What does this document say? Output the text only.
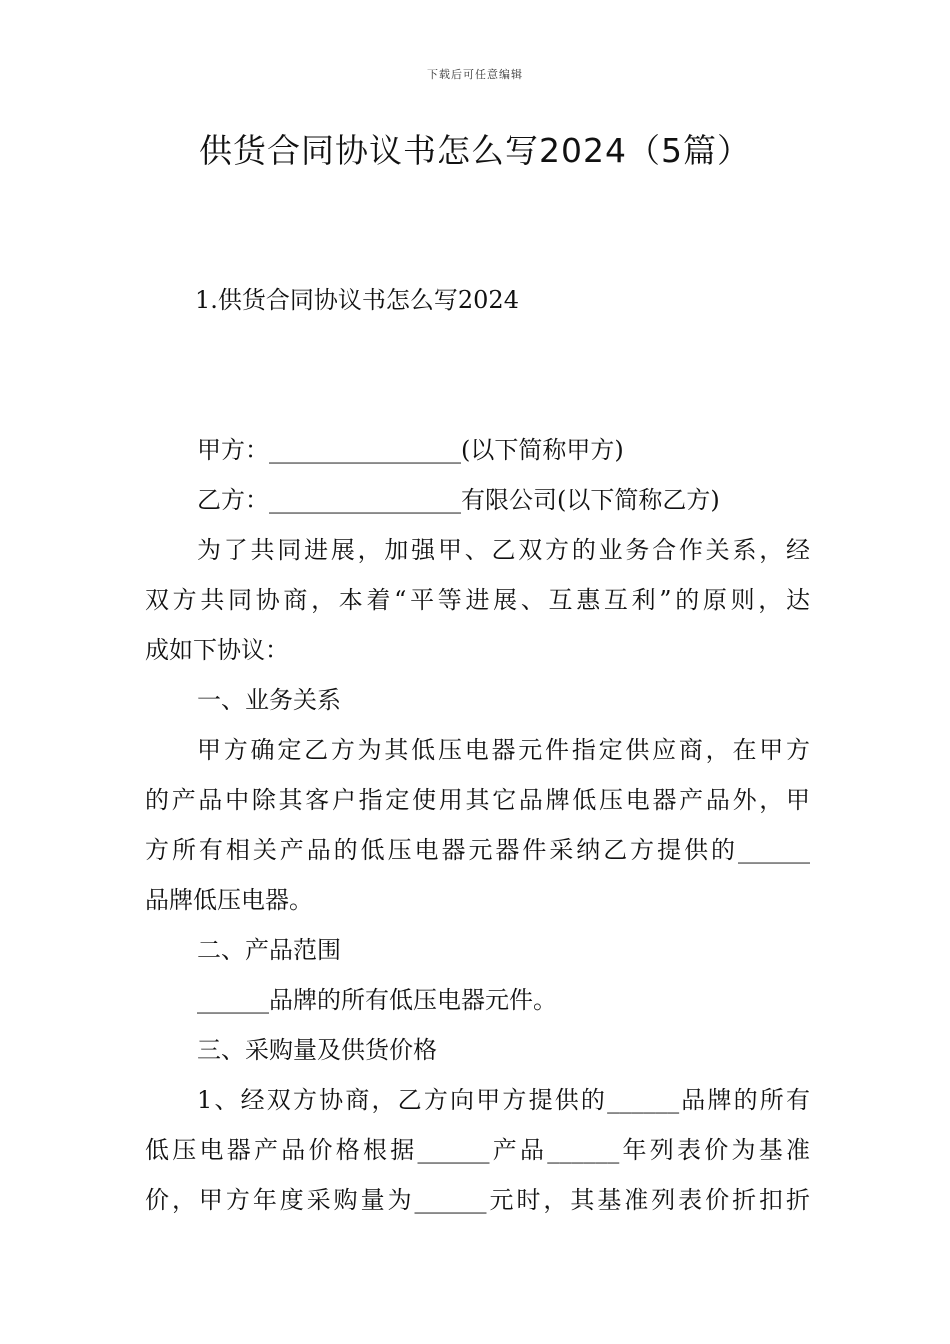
下载后可任意编辑
供货合同协议书怎么写2024（5篇）
1.供货合同协议书怎么写2024
甲方：________________(以下简称甲方)
乙方：________________有限公司(以下简称乙方)
为了共同进展，加强甲、乙双方的业务合作关系，经
双方共同协商，本着“平等进展、互惠互利”的原则，达
成如下协议：
一、业务关系
甲方确定乙方为其低压电器元件指定供应商，在甲方
的产品中除其客户指定使用其它品牌低压电器产品外，甲
方所有相关产品的低压电器元器件采纳乙方提供的______
品牌低压电器。
二、产品范围
______品牌的所有低压电器元件。
三、采购量及供货价格
1、经双方协商，乙方向甲方提供的______品牌的所有
低压电器产品价格根据______产品______年列表价为基准
价，甲方年度采购量为______元时，其基准列表价折扣折
